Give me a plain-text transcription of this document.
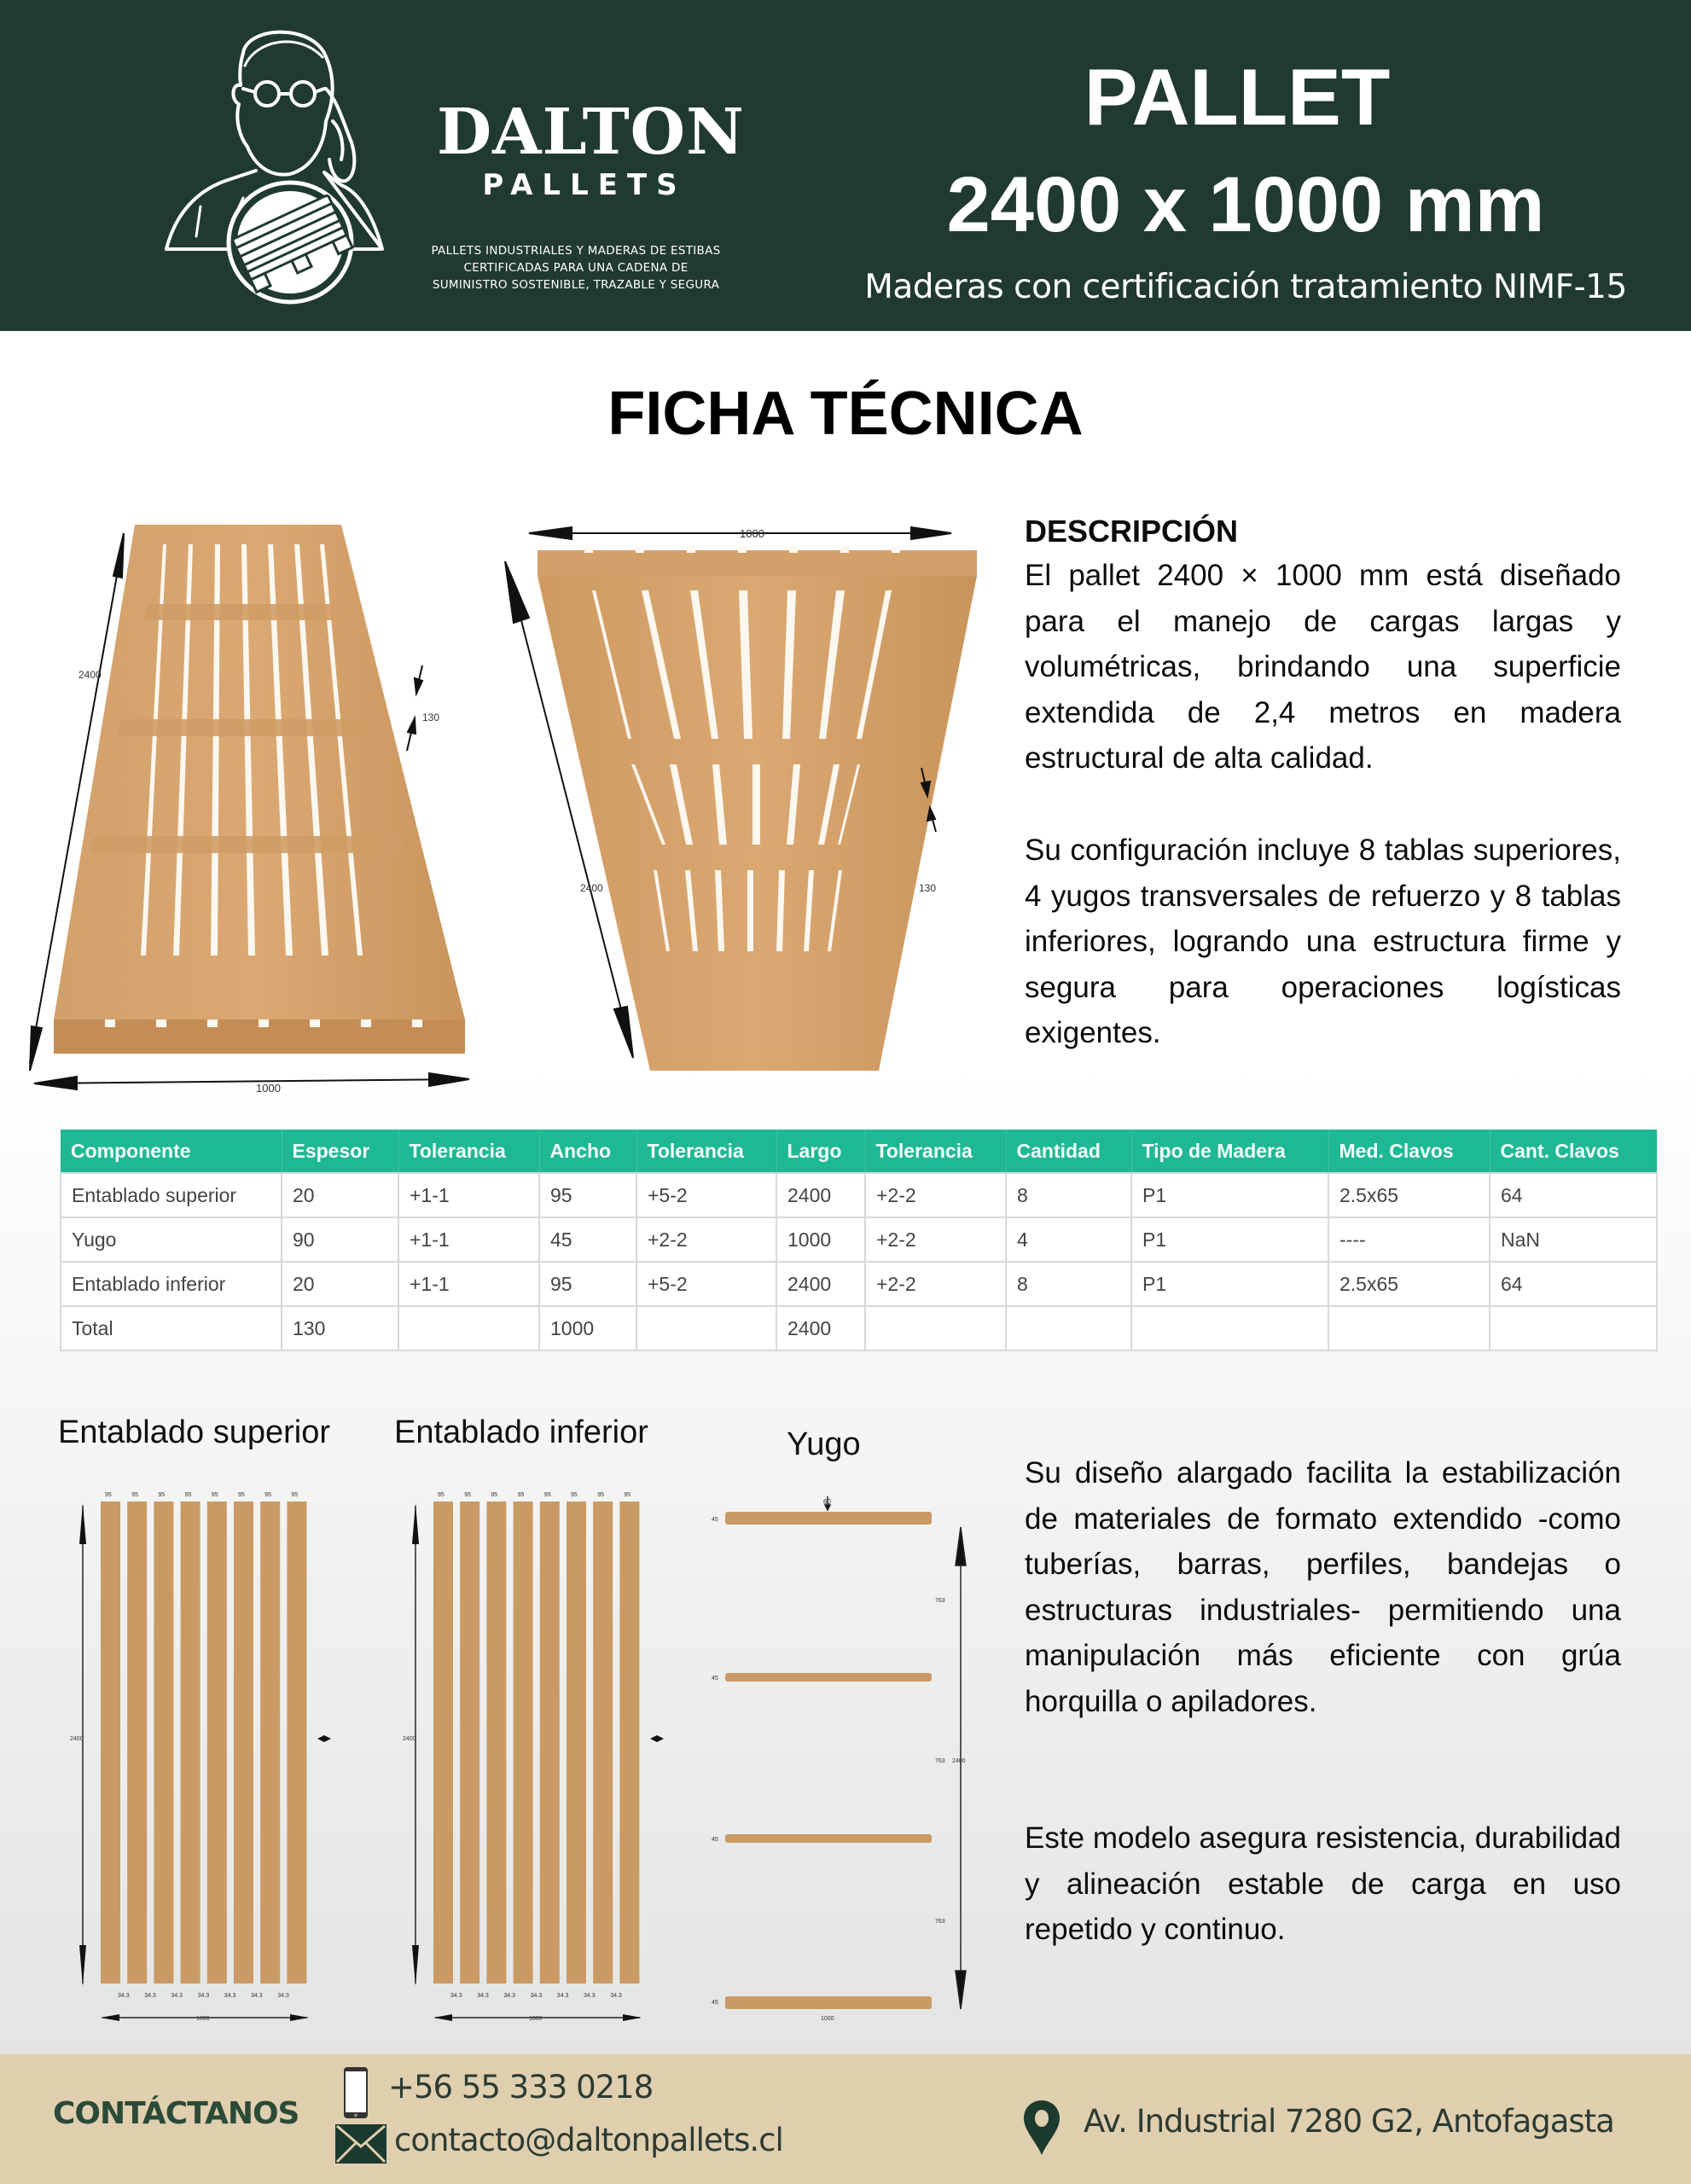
DALTON
PALLETS
PALLETS INDUSTRIALES Y MADERAS DE ESTIBAS
CERTIFICADAS PARA UNA CADENA DE
SUMINISTRO SOSTENIBLE, TRAZABLE Y SEGURA
PALLET
2400 x 1000 mm
Maderas con certificación tratamiento NIMF-15
FICHA TÉCNICA
2400
1000
130
1000
2400	130
DESCRIPCIÓN
El pallet 2400 × 1000 mm está diseñado para el manejo de cargas largas y volumétricas, brindando una superficie extendida de 2,4 metros en madera estructural de alta calidad.
Su configuración incluye 8 tablas superiores, 4 yugos transversales de refuerzo y 8 tablas inferiores, logrando una estructura firme y segura para operaciones logísticas exigentes.
Componente	Espesor	Tolerancia	Ancho	Tolerancia	Largo	Tolerancia	Cantidad	Tipo de Madera	Med. Clavos	Cant. Clavos
Entablado superior	20	+1-1	95	+5-2	2400	+2-2	8	P1	2.5x65	64
Yugo	90	+1-1	45	+2-2	1000	+2-2	4	P1	----	NaN
Entablado inferior	20	+1-1	95	+5-2	2400	+2-2	8	P1	2.5x65	64
Total	130		1000		2400					
Entablado superior Entablado inferior	Yugo
95
34.3
95
34.3
95
34.3
95
34.3
95
34.3
95
34.3
95
34.3
95
2400
1000
95
34.3
95
34.3
95
34.3
95
34.3
95
34.3
95
34.3
95
34.3
95
2400
1000
60
45
45
45
45
763
763 2400
763
1000
Su diseño alargado facilita la estabilización de materiales de formato extendido -como tuberías, barras, perfiles, bandejas o estructuras industriales- permitiendo una manipulación más eficiente con grúa horquilla o apiladores.
Este modelo asegura resistencia, durabilidad y alineación estable de carga en uso repetido y continuo.
CONTÁCTANOS
+56 55 333 0218
contacto@daltonpallets.cl
Av. Industrial 7280 G2, Antofagasta
